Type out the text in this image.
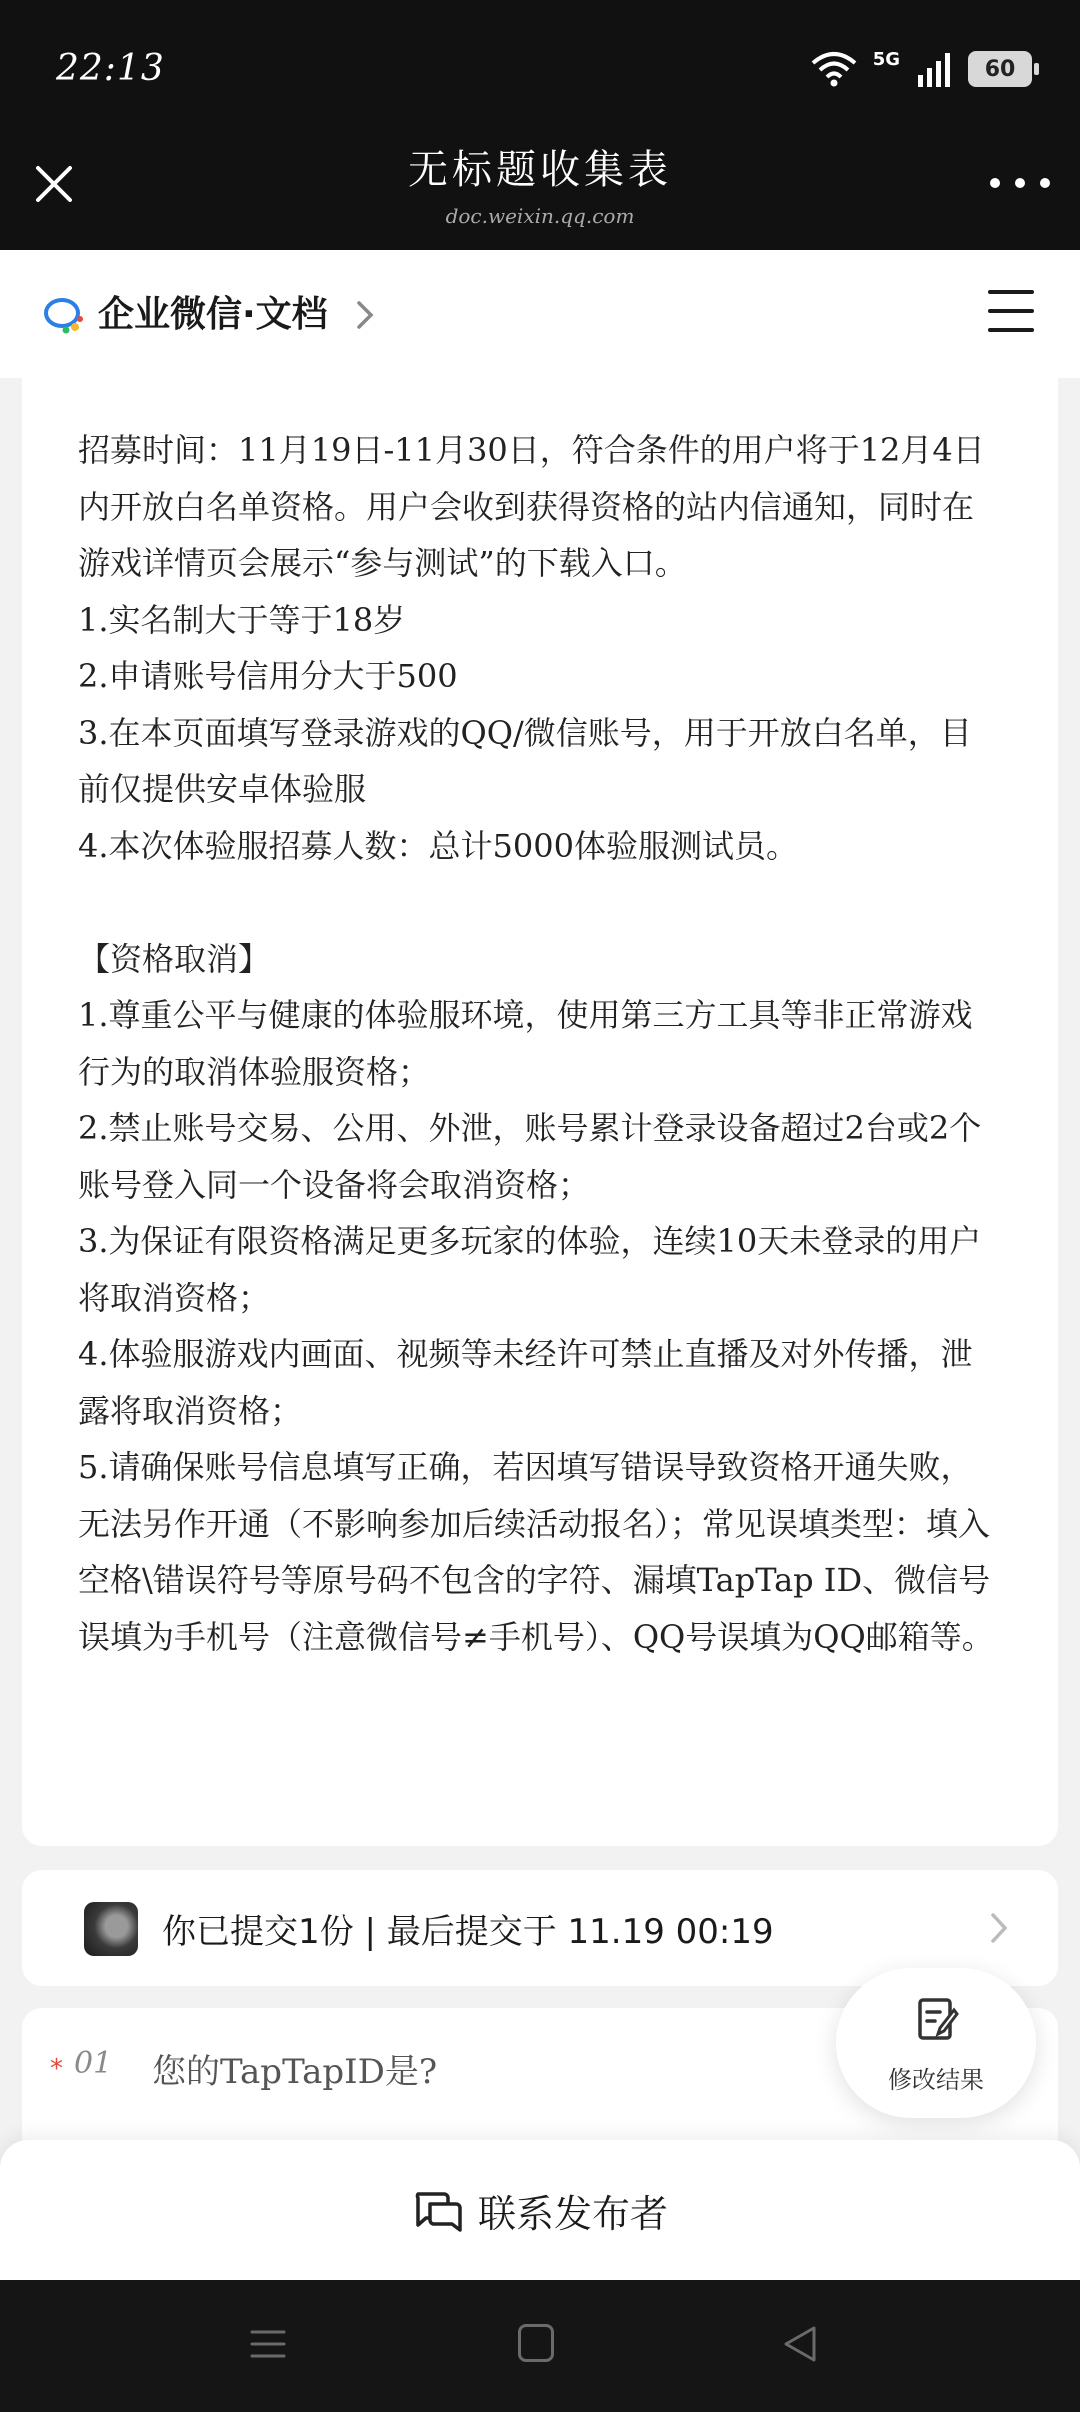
22:13	5G	60
无标题收集表
doc.weixin.qq.com
企业微信·文档
招募时间：11月19日-11月30日，符合条件的用户将于12月4日内开放白名单资格。用户会收到获得资格的站内信通知，同时在游戏详情页会展示“参与测试”的下载入口。
1.实名制大于等于18岁
2.申请账号信用分大于500
3.在本页面填写登录游戏的QQ/微信账号，用于开放白名单，目前仅提供安卓体验服
4.本次体验服招募人数：总计5000体验服测试员。

【资格取消】
1.尊重公平与健康的体验服环境，使用第三方工具等非正常游戏行为的取消体验服资格；
2.禁止账号交易、公用、外泄，账号累计登录设备超过2台或2个账号登入同一个设备将会取消资格；
3.为保证有限资格满足更多玩家的体验，连续10天未登录的用户将取消资格；
4.体验服游戏内画面、视频等未经许可禁止直播及对外传播，泄露将取消资格；
5.请确保账号信息填写正确，若因填写错误导致资格开通失败，无法另作开通（不影响参加后续活动报名）；常见误填类型：填入空格\错误符号等原号码不包含的字符、漏填TapTap ID、微信号误填为手机号（注意微信号≠手机号）、QQ号误填为QQ邮箱等。
你已提交1份 | 最后提交于 11.19 00:19
* 01 您的TapTapID是?	修改结果
联系发布者
